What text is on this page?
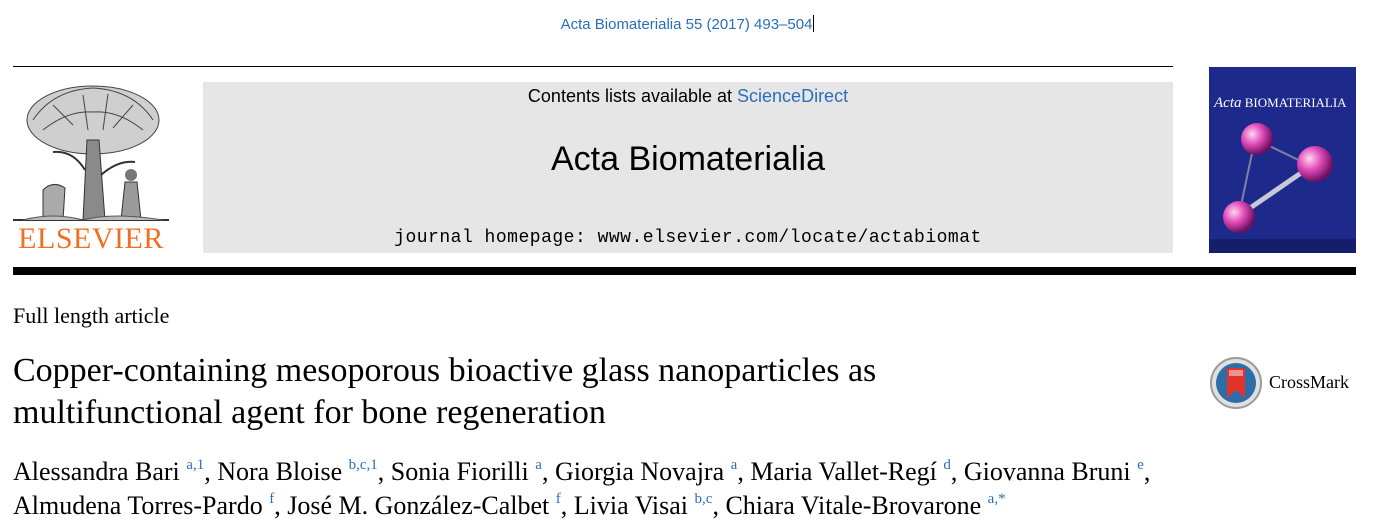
Acta Biomaterialia 55 (2017) 493–504
ELSEVIER
Contents lists available at ScienceDirect
Acta Biomaterialia
journal homepage: www.elsevier.com/locate/actabiomat
Acta BIOMATERIALIA
Full length article
Copper-containing mesoporous bioactive glass nanoparticles as
multifunctional agent for bone regeneration
CrossMark
Alessandra Bari $^{a,1}$, Nora Bloise $^{b,c,1}$, Sonia Fiorilli $^a$, Giorgia Novajra $^a$, Maria Vallet-Regí $^d$, Giovanna Bruni $^e$,
Almudena Torres-Pardo $^f$, José M. González-Calbet $^f$, Livia Visai $^{b,c}$, Chiara Vitale-Brovarone $^{a,*}$
